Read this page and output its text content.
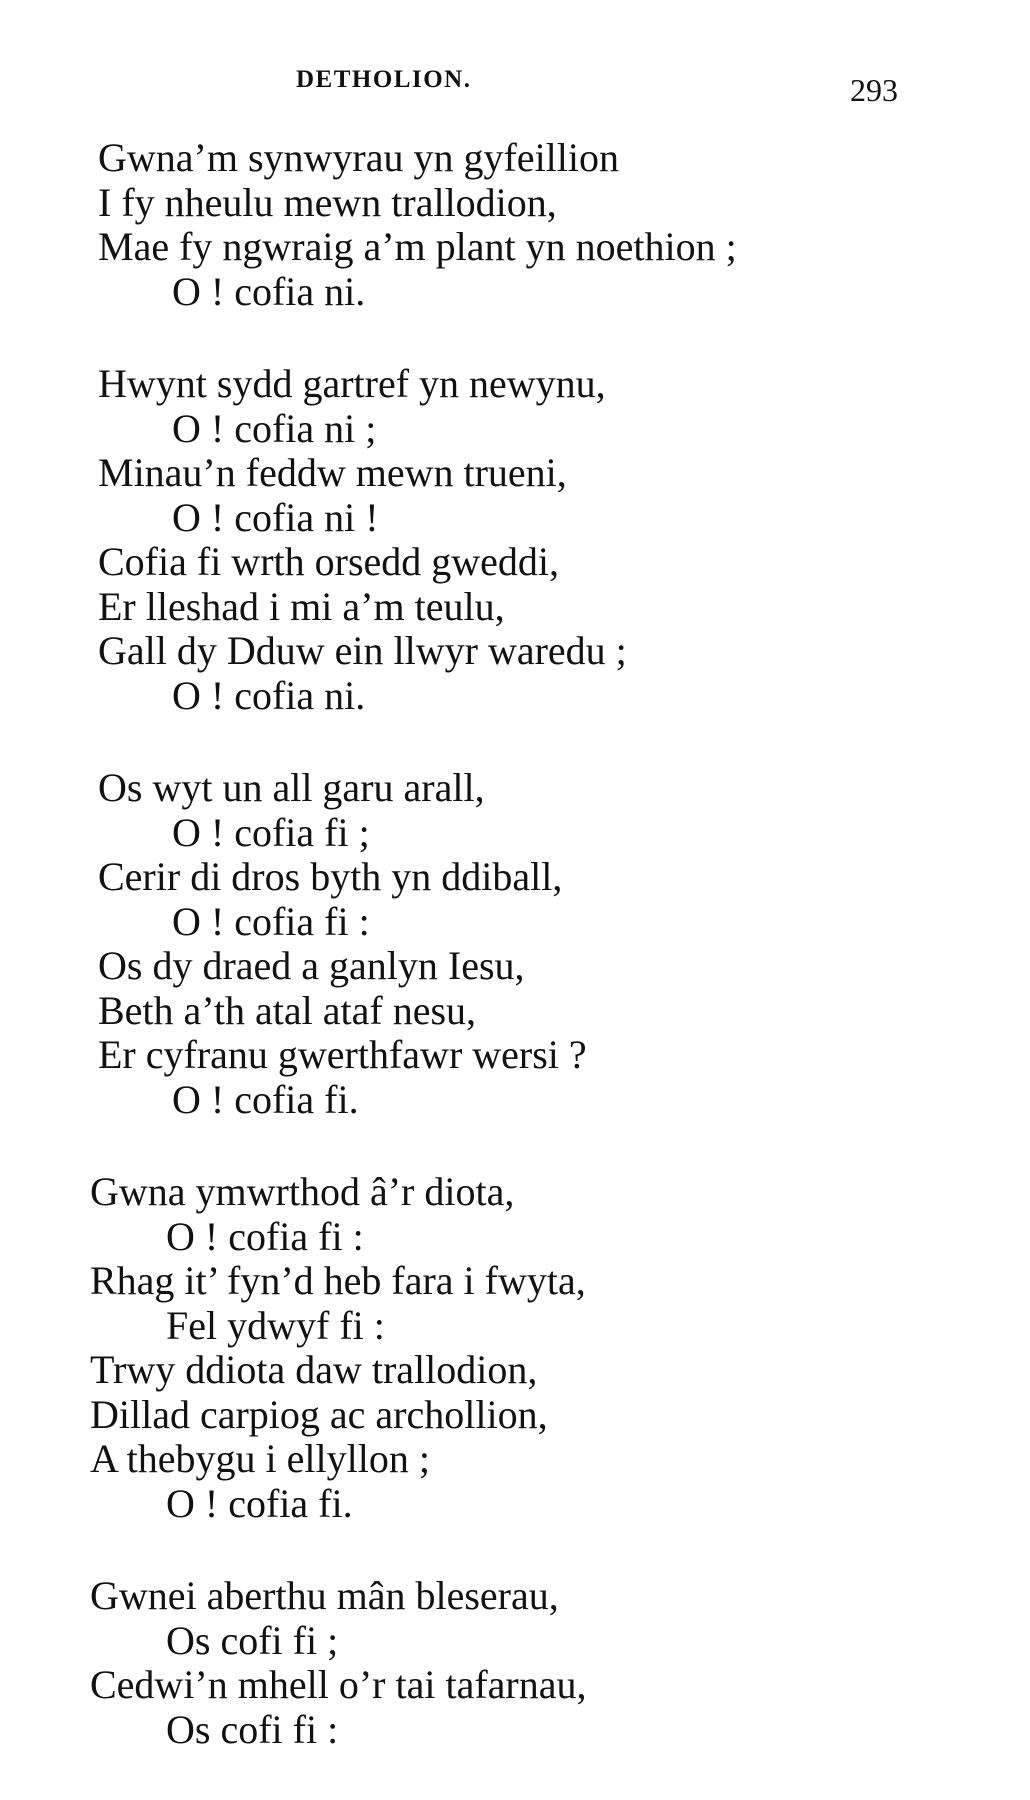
DETHOLION.	293
Gwna’m synwyrau yn gyfeillion
I fy nheulu mewn trallodion,
Mae fy ngwraig a’m plant yn noethion ;
O ! cofia ni.
Hwynt sydd gartref yn newynu,
O ! cofia ni ;
Minau’n feddw mewn trueni,
O ! cofia ni !
Cofia fi wrth orsedd gweddi,
Er lleshad i mi a’m teulu,
Gall dy Dduw ein llwyr waredu ;
O ! cofia ni.
Os wyt un all garu arall,
O ! cofia fi ;
Cerir di dros byth yn ddiball,
O ! cofia fi :
Os dy draed a ganlyn Iesu,
Beth a’th atal ataf nesu,
Er cyfranu gwerthfawr wersi ?
O ! cofia fi.
Gwna ymwrthod â’r diota,
O ! cofia fi :
Rhag it’ fyn’d heb fara i fwyta,
Fel ydwyf fi :
Trwy ddiota daw trallodion,
Dillad carpiog ac archollion,
A thebygu i ellyllon ;
O ! cofia fi.
Gwnei aberthu mân bleserau,
Os cofi fi ;
Cedwi’n mhell o’r tai tafarnau,
Os cofi fi :
